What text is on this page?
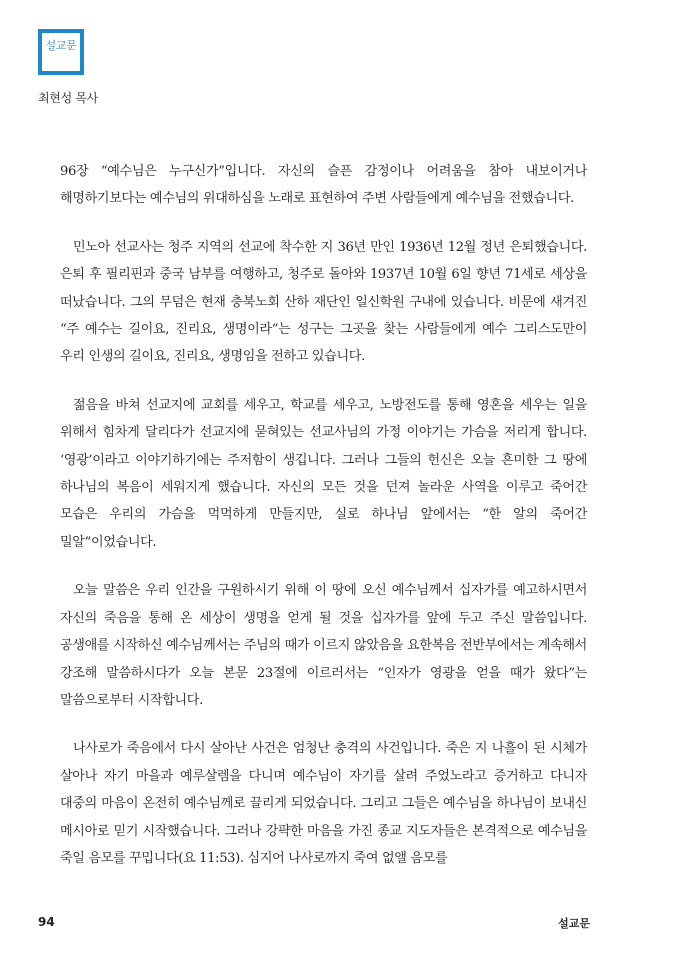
설교문
최현성 목사

96장 “예수님은 누구신가”입니다. 자신의 슬픈 감정이나 어려움을 참아 내보이거나 해명하기보다는 예수님의 위대하심을 노래로 표현하여 주변 사람들에게 예수님을 전했습니다.

민노아 선교사는 청주 지역의 선교에 착수한 지 36년 만인 1936년 12월 정년 은퇴했습니다. 은퇴 후 필리핀과 중국 남부를 여행하고, 청주로 돌아와 1937년 10월 6일 향년 71세로 세상을 떠났습니다. 그의 무덤은 현재 충북노회 산하 재단인 일신학원 구내에 있습니다. 비문에 새겨진 “주 예수는 길이요, 진리요, 생명이라”는 성구는 그곳을 찾는 사람들에게 예수 그리스도만이 우리 인생의 길이요, 진리요, 생명임을 전하고 있습니다.

젊음을 바쳐 선교지에 교회를 세우고, 학교를 세우고, 노방전도를 통해 영혼을 세우는 일을 위해서 힘차게 달리다가 선교지에 묻혀있는 선교사님의 가정 이야기는 가슴을 저리게 합니다. ‘영광’이라고 이야기하기에는 주저함이 생깁니다. 그러나 그들의 헌신은 오늘 흔미한 그 땅에 하나님의 복음이 세워지게 했습니다. 자신의 모든 것을 던져 놀라운 사역을 이루고 죽어간 모습은 우리의 가슴을 먹먹하게 만들지만, 실로 하나님 앞에서는 “한 알의 죽어간 밀알”이었습니다.

오늘 말씀은 우리 인간을 구원하시기 위해 이 땅에 오신 예수님께서 십자가를 예고하시면서 자신의 죽음을 통해 온 세상이 생명을 얻게 될 것을 십자가를 앞에 두고 주신 말씀입니다. 공생애를 시작하신 예수님께서는 주님의 때가 이르지 않았음을 요한복음 전반부에서는 계속해서 강조해 말씀하시다가 오늘 본문 23절에 이르러서는 “인자가 영광을 얻을 때가 왔다”는 말씀으로부터 시작합니다.

나사로가 죽음에서 다시 살아난 사건은 엄청난 충격의 사건입니다. 죽은 지 나흘이 된 시체가 살아나 자기 마을과 예루살렘을 다니며 예수님이 자기를 살려 주었노라고 증거하고 다니자 대중의 마음이 온전히 예수님께로 끌리게 되었습니다. 그리고 그들은 예수님을 하나님이 보내신 메시아로 믿기 시작했습니다. 그러나 강퍅한 마음을 가진 종교 지도자들은 본격적으로 예수님을 죽일 음모를 꾸밉니다(요 11:53). 심지어 나사로까지 죽여 없앨 음모를

94	설교문
